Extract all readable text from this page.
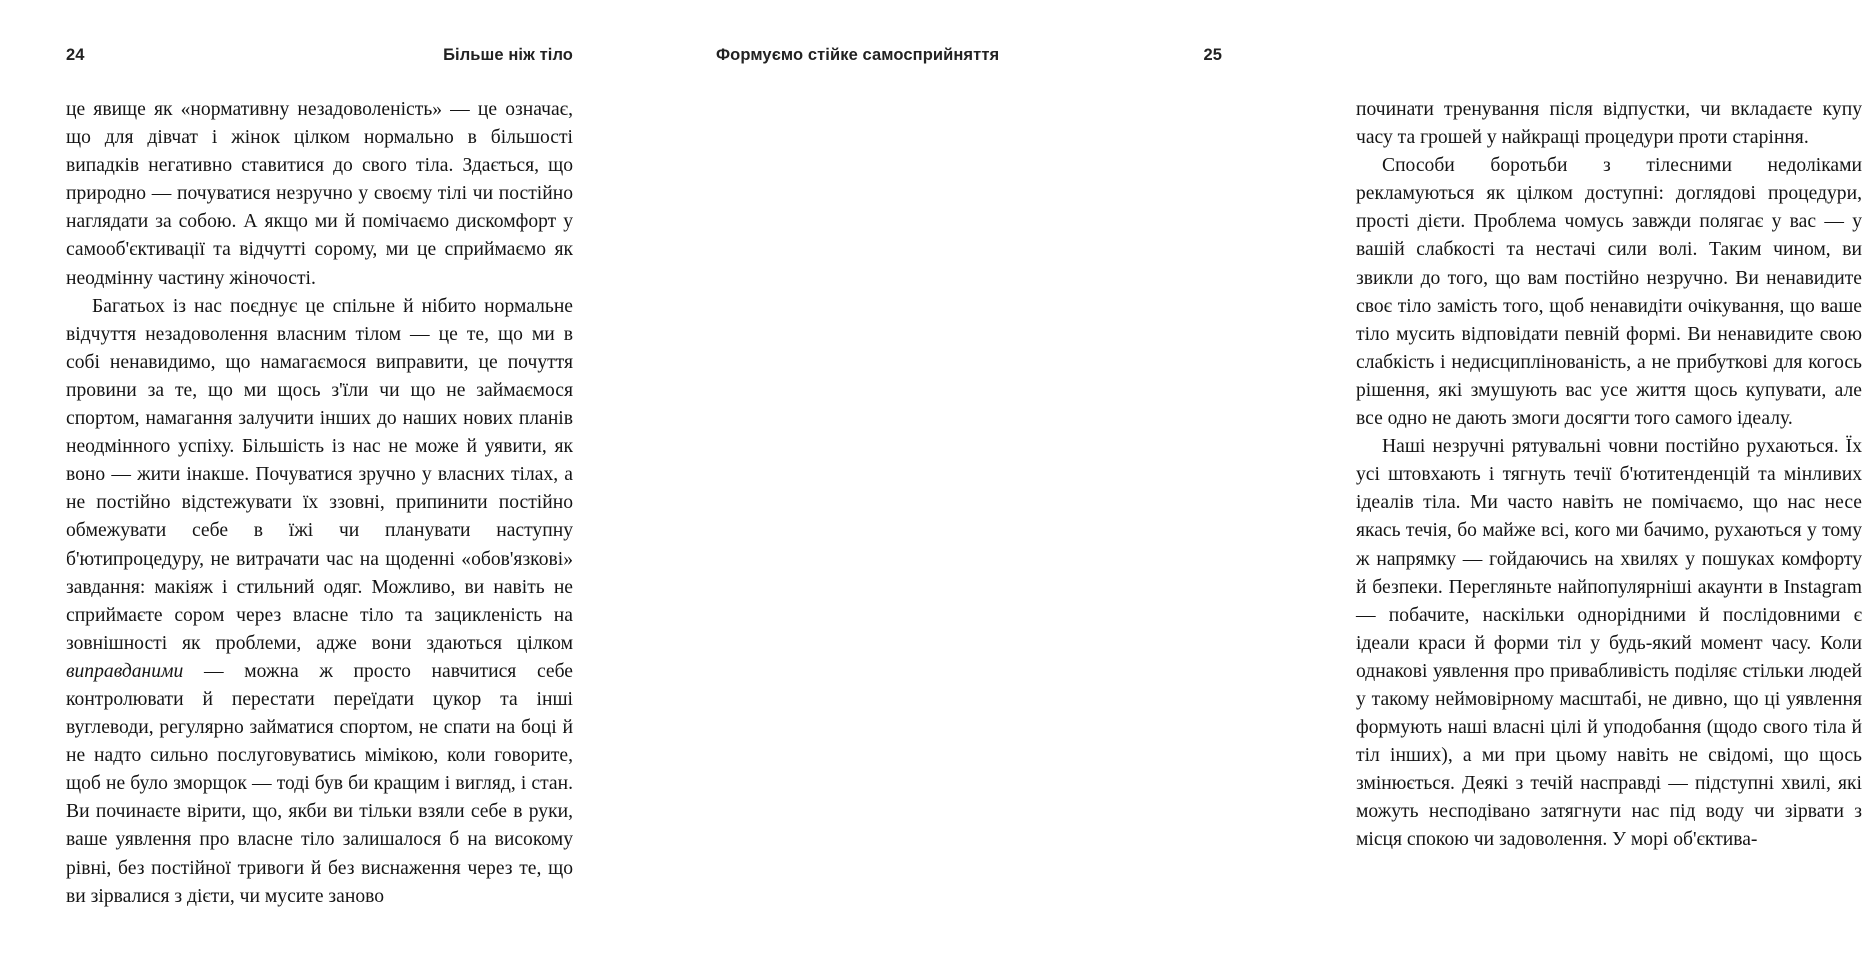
24	Більше ніж тіло

це явище як «нормативну незадоволеність» — це означає, що для дівчат і жінок цілком нормально в більшості випадків негативно ставитися до свого тіла. Здається, що природно — почуватися незручно у своєму тілі чи постійно наглядати за собою. А якщо ми й помічаємо дискомфорт у самооб'єктивації та відчутті сорому, ми це сприймаємо як неодмінну частину жіночості.

Багатьох із нас поєднує це спільне й нібито нормальне відчуття незадоволення власним тілом — це те, що ми в собі ненавидимо, що намагаємося виправити, це почуття провини за те, що ми щось з'їли чи що не займаємося спортом, намагання залучити інших до наших нових планів неодмінного успіху. Більшість із нас не може й уявити, як воно — жити інакше. Почуватися зручно у власних тілах, а не постійно відстежувати їх ззовні, припинити постійно обмежувати себе в їжі чи планувати наступну б'ютипроцедуру, не витрачати час на щоденні «обов'язкові» завдання: макіяж і стильний одяг. Можливо, ви навіть не сприймаєте сором через власне тіло та зацикленість на зовнішності як проблеми, адже вони здаються цілком виправданими — можна ж просто навчитися себе контролювати й перестати переїдати цукор та інші вуглеводи, регулярно займатися спортом, не спати на боці й не надто сильно послуговуватись мімікою, коли говорите, щоб не було зморщок — тоді був би кращим і вигляд, і стан. Ви починаєте вірити, що, якби ви тільки взяли себе в руки, ваше уявлення про власне тіло залишалося б на високому рівні, без постійної тривоги й без виснаження через те, що ви зірвалися з дієти, чи мусите заново

Формуємо стійке самосприйняття	25

починати тренування після відпустки, чи вкладаєте купу часу та грошей у найкращі процедури проти старіння.

Способи боротьби з тілесними недоліками рекламуються як цілком доступні: доглядові процедури, прості дієти. Проблема чомусь завжди полягає у вас — у вашій слабкості та нестачі сили волі. Таким чином, ви звикли до того, що вам постійно незручно. Ви ненавидите своє тіло замість того, щоб ненавидіти очікування, що ваше тіло мусить відповідати певній формі. Ви ненавидите свою слабкість і недисциплінованість, а не прибуткові для когось рішення, які змушують вас усе життя щось купувати, але все одно не дають змоги досягти того самого ідеалу.

Наші незручні рятувальні човни постійно рухаються. Їх усі штовхають і тягнуть течії б'ютитенденцій та мінливих ідеалів тіла. Ми часто навіть не помічаємо, що нас несе якась течія, бо майже всі, кого ми бачимо, рухаються у тому ж напрямку — гойдаючись на хвилях у пошуках комфорту й безпеки. Перегляньте найпопулярніші акаунти в Instagram — побачите, наскільки однорідними й послідовними є ідеали краси й форми тіл у будь-який момент часу. Коли однакові уявлення про привабливість поділяє стільки людей у такому неймовірному масштабі, не дивно, що ці уявлення формують наші власні цілі й уподобання (щодо свого тіла й тіл інших), а ми при цьому навіть не свідомі, що щось змінюється. Деякі з течій насправді — підступні хвилі, які можуть несподівано затягнути нас під воду чи зірвати з місця спокою чи задоволення. У морі об'єктива-
